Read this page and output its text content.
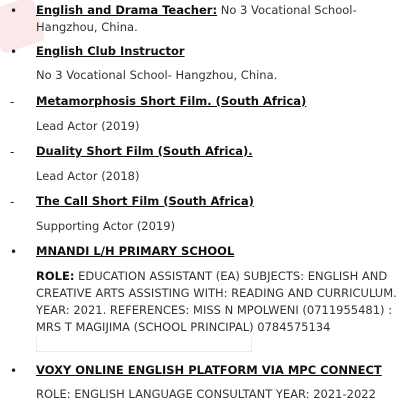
• English and Drama Teacher: No 3 Vocational School-
Hangzhou, China.
• English Club Instructor
No 3 Vocational School- Hangzhou, China.
- Metamorphosis Short Film. (South Africa)
Lead Actor (2019)
- Duality Short Film (South Africa).
Lead Actor (2018)
- The Call Short Film (South Africa)
Supporting Actor (2019)
• MNANDI L/H PRIMARY SCHOOL
ROLE: EDUCATION ASSISTANT (EA) SUBJECTS: ENGLISH AND CREATIVE ARTS ASSISTING WITH: READING AND CURRICULUM. YEAR: 2021. REFERENCES: MISS N MPOLWENI (0711955481) : MRS T MAGIJIMA (SCHOOL PRINCIPAL) 0784575134
• VOXY ONLINE ENGLISH PLATFORM VIA MPC CONNECT
ROLE: ENGLISH LANGUAGE CONSULTANT YEAR: 2021-2022
